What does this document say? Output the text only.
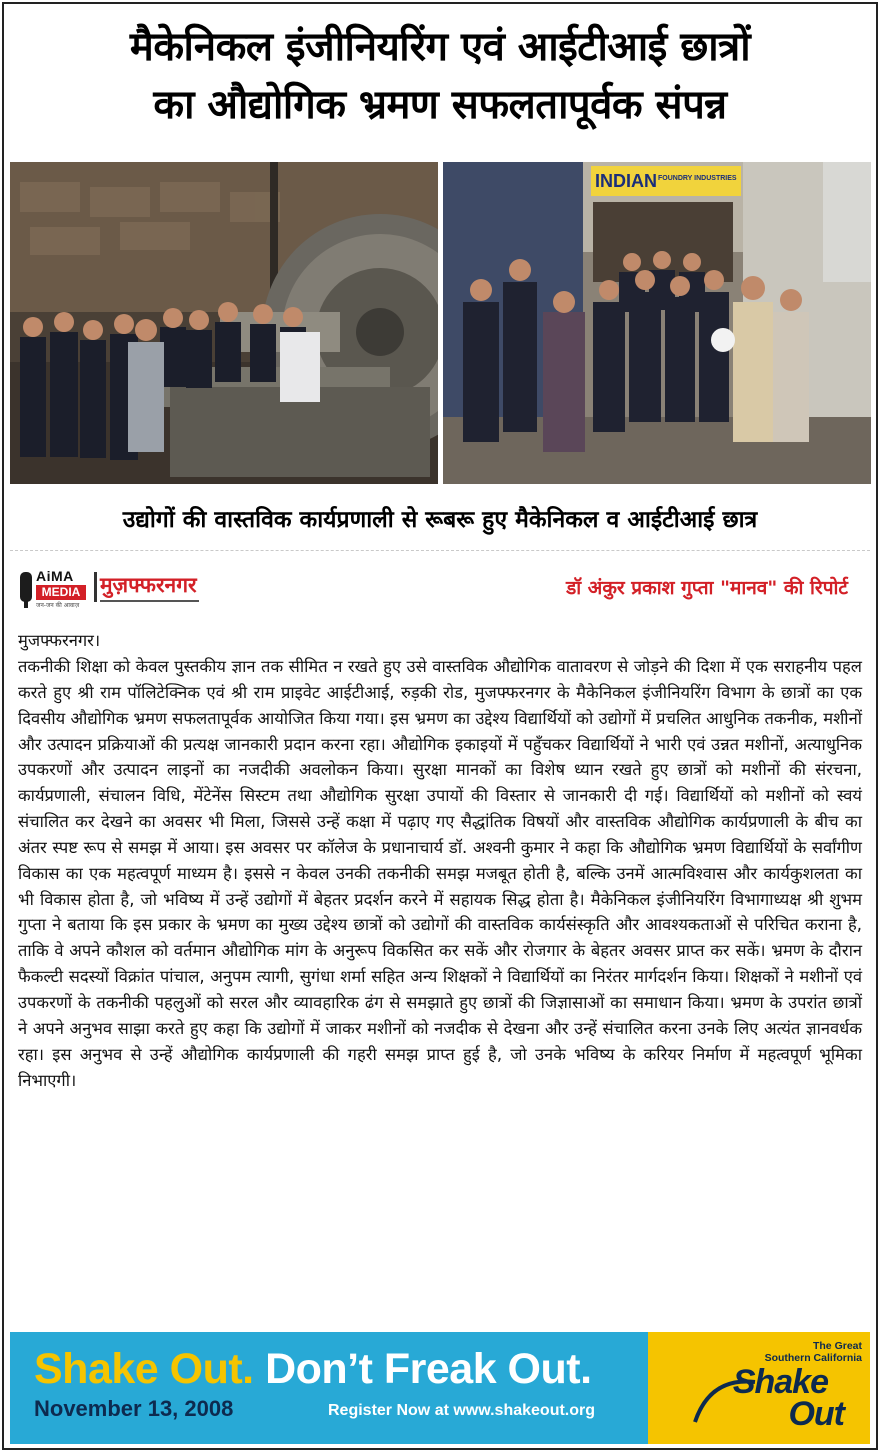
मैकेनिकल इंजीनियरिंग एवं आईटीआई छात्रों
का औद्योगिक भ्रमण सफलतापूर्वक संपन्न
INDIAN FOUNDRY INDUSTRIES
उद्योगों की वास्तविक कार्यप्रणाली से रूबरू हुए मैकेनिकल व आईटीआई छात्र
AiMA
MEDIA
जन-जन की आवाज़
मुज़फ्फरनगर	डॉ अंकुर प्रकाश गुप्ता "मानव" की रिपोर्ट
मुजफ्फरनगर।

तकनीकी शिक्षा को केवल पुस्तकीय ज्ञान तक सीमित न रखते हुए उसे वास्तविक औद्योगिक वातावरण से जोड़ने की दिशा में एक सराहनीय पहल करते हुए श्री राम पॉलिटेक्निक एवं श्री राम प्राइवेट आईटीआई, रुड़की रोड, मुजफ्फरनगर के मैकेनिकल इंजीनियरिंग विभाग के छात्रों का एक दिवसीय औद्योगिक भ्रमण सफलतापूर्वक आयोजित किया गया। इस भ्रमण का उद्देश्य विद्यार्थियों को उद्योगों में प्रचलित आधुनिक तकनीक, मशीनों और उत्पादन प्रक्रियाओं की प्रत्यक्ष जानकारी प्रदान करना रहा। औद्योगिक इकाइयों में पहुँचकर विद्यार्थियों ने भारी एवं उन्नत मशीनों, अत्याधुनिक उपकरणों और उत्पादन लाइनों का नजदीकी अवलोकन किया। सुरक्षा मानकों का विशेष ध्यान रखते हुए छात्रों को मशीनों की संरचना, कार्यप्रणाली, संचालन विधि, मेंटेनेंस सिस्टम तथा औद्योगिक सुरक्षा उपायों की विस्तार से जानकारी दी गई। विद्यार्थियों को मशीनों को स्वयं संचालित कर देखने का अवसर भी मिला, जिससे उन्हें कक्षा में पढ़ाए गए सैद्धांतिक विषयों और वास्तविक औद्योगिक कार्यप्रणाली के बीच का अंतर स्पष्ट रूप से समझ में आया। इस अवसर पर कॉलेज के प्रधानाचार्य डॉ. अश्वनी कुमार ने कहा कि औद्योगिक भ्रमण विद्यार्थियों के सर्वांगीण विकास का एक महत्वपूर्ण माध्यम है। इससे न केवल उनकी तकनीकी समझ मजबूत होती है, बल्कि उनमें आत्मविश्वास और कार्यकुशलता का भी विकास होता है, जो भविष्य में उन्हें उद्योगों में बेहतर प्रदर्शन करने में सहायक सिद्ध होता है। मैकेनिकल इंजीनियरिंग विभागाध्यक्ष श्री शुभम गुप्ता ने बताया कि इस प्रकार के भ्रमण का मुख्य उद्देश्य छात्रों को उद्योगों की वास्तविक कार्यसंस्कृति और आवश्यकताओं से परिचित कराना है, ताकि वे अपने कौशल को वर्तमान औद्योगिक मांग के अनुरूप विकसित कर सकें और रोजगार के बेहतर अवसर प्राप्त कर सकें। भ्रमण के दौरान फैकल्टी सदस्यों विक्रांत पांचाल, अनुपम त्यागी, सुगंधा शर्मा सहित अन्य शिक्षकों ने विद्यार्थियों का निरंतर मार्गदर्शन किया। शिक्षकों ने मशीनों एवं उपकरणों के तकनीकी पहलुओं को सरल और व्यावहारिक ढंग से समझाते हुए छात्रों की जिज्ञासाओं का समाधान किया। भ्रमण के उपरांत छात्रों ने अपने अनुभव साझा करते हुए कहा कि उद्योगों में जाकर मशीनों को नजदीक से देखना और उन्हें संचालित करना उनके लिए अत्यंत ज्ञानवर्धक रहा। इस अनुभव से उन्हें औद्योगिक कार्यप्रणाली की गहरी समझ प्राप्त हुई है, जो उनके भविष्य के करियर निर्माण में महत्वपूर्ण भूमिका निभाएगी।

Shake Out. Don’t Freak Out.
November 13, 2008	Register Now at www.shakeout.org
The Great
Southern California
Shake
Out
